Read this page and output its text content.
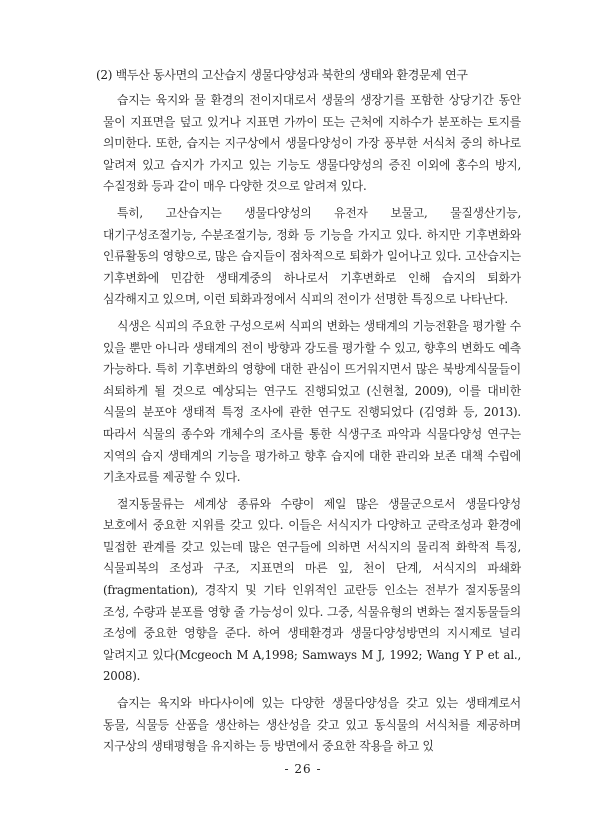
(2) 백두산 동사면의 고산습지 생물다양성과 북한의 생태와 환경문제 연구

습지는 육지와 물 환경의 전이지대로서 생물의 생장기를 포함한 상당기간 동안 물이 지표면을 덮고 있거나 지표면 가까이 또는 근처에 지하수가 분포하는 토지를 의미한다. 또한, 습지는 지구상에서 생물다양성이 가장 풍부한 서식처 중의 하나로 알려져 있고 습지가 가지고 있는 기능도 생물다양성의 증진 이외에 홍수의 방지, 수질정화 등과 같이 매우 다양한 것으로 알려져 있다.

특히, 고산습지는 생물다양성의 유전자 보물고, 물질생산기능, 대기구성조절기능, 수분조절기능, 정화 등 기능을 가지고 있다. 하지만 기후변화와 인류활동의 영향으로, 많은 습지들이 점차적으로 퇴화가 일어나고 있다. 고산습지는 기후변화에 민감한 생태계중의 하나로서 기후변화로 인해 습지의 퇴화가 심각해지고 있으며, 이런 퇴화과정에서 식피의 전이가 선명한 특징으로 나타난다.

식생은 식피의 주요한 구성으로써 식피의 변화는 생태계의 기능전환을 평가할 수 있을 뿐만 아니라 생태계의 전이 방향과 강도를 평가할 수 있고, 향후의 변화도 예측 가능하다. 특히 기후변화의 영향에 대한 관심이 뜨거워지면서 많은 북방계식물들이 쇠퇴하게 될 것으로 예상되는 연구도 진행되었고 (신현철, 2009), 이를 대비한 식물의 분포야 생태적 특정 조사에 관한 연구도 진행되었다 (김영화 등, 2013). 따라서 식물의 종수와 개체수의 조사를 통한 식생구조 파악과 식물다양성 연구는 지역의 습지 생태계의 기능을 평가하고 향후 습지에 대한 관리와 보존 대책 수립에 기초자료를 제공할 수 있다.

절지동물류는 세계상 종류와 수량이 제일 많은 생물군으로서 생물다양성 보호에서 중요한 지위를 갖고 있다. 이들은 서식지가 다양하고 군락조성과 환경에 밀접한 관계를 갖고 있는데 많은 연구들에 의하면 서식지의 물리적 화학적 특징, 식물피복의 조성과 구조, 지표면의 마른 잎, 천이 단계, 서식지의 파쇄화(fragmentation), 경작지 및 기타 인위적인 교란등 인소는 전부가 절지동물의 조성, 수량과 분포를 영향 줄 가능성이 있다. 그중, 식물유형의 변화는 절지동물들의 조성에 중요한 영향을 준다. 하여 생태환경과 생물다양성방면의 지시제로 널리 알려지고 있다(Mcgeoch M A,1998; Samways M J, 1992; Wang Y P et al., 2008).

습지는 육지와 바다사이에 있는 다양한 생물다양성을 갖고 있는 생태계로서 동물, 식물등 산품을 생산하는 생산성을 갖고 있고 동식물의 서식처를 제공하며 지구상의 생태평형을 유지하는 등 방면에서 중요한 작용을 하고 있

- 26 -
